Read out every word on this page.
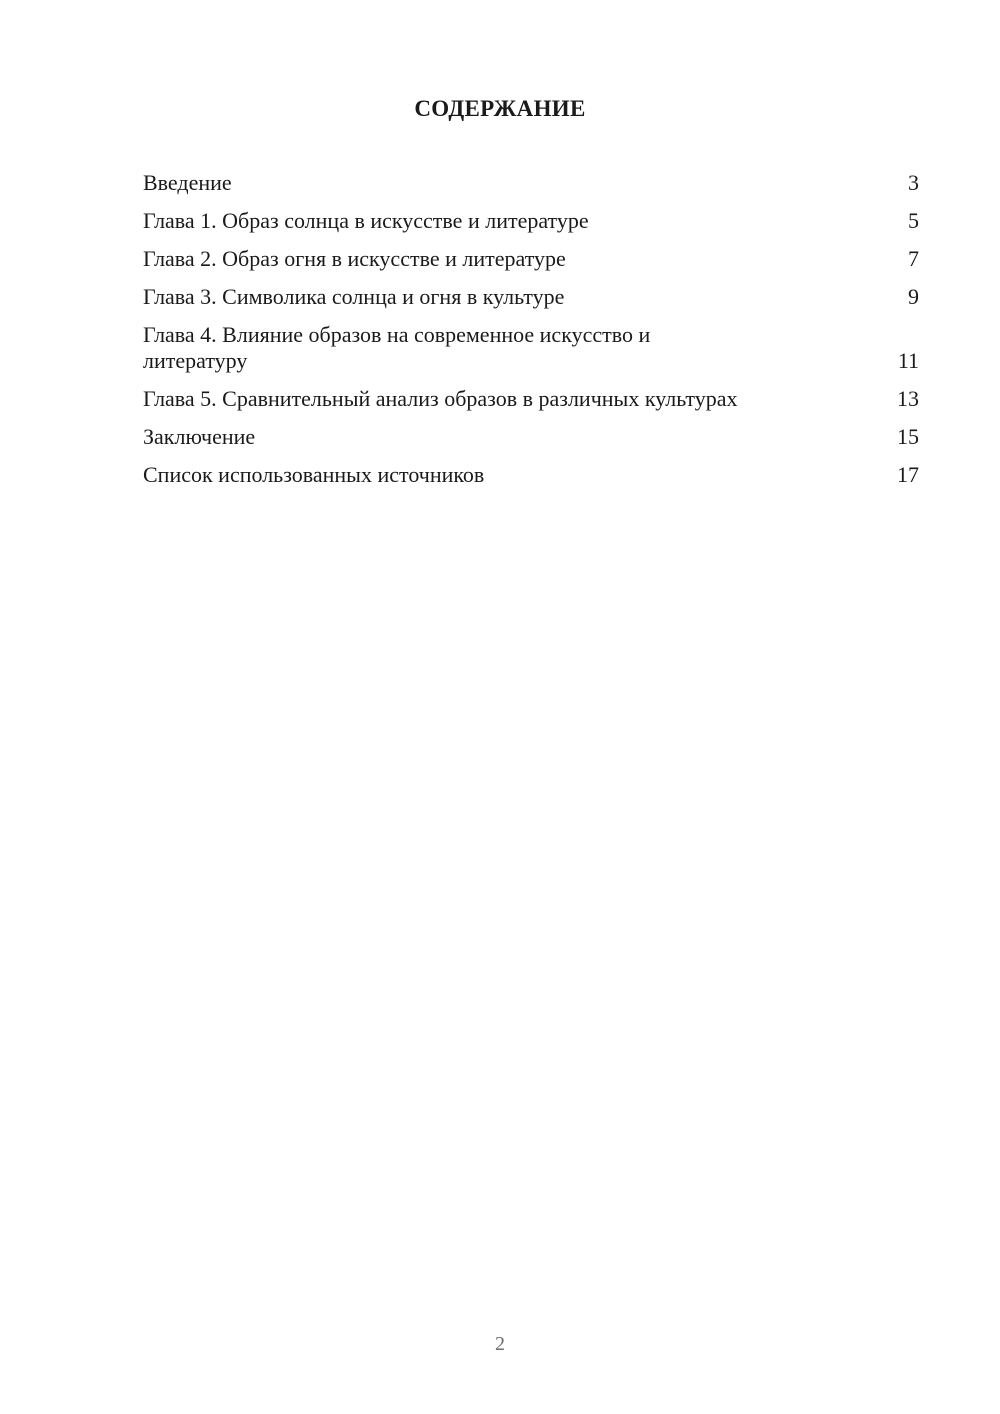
СОДЕРЖАНИЕ
Введение	3
Глава 1. Образ солнца в искусстве и литературе	5
Глава 2. Образ огня в искусстве и литературе	7
Глава 3. Символика солнца и огня в культуре	9
Глава 4. Влияние образов на современное искусство и литературу	11
Глава 5. Сравнительный анализ образов в различных культурах	13
Заключение	15
Список использованных источников	17
2
